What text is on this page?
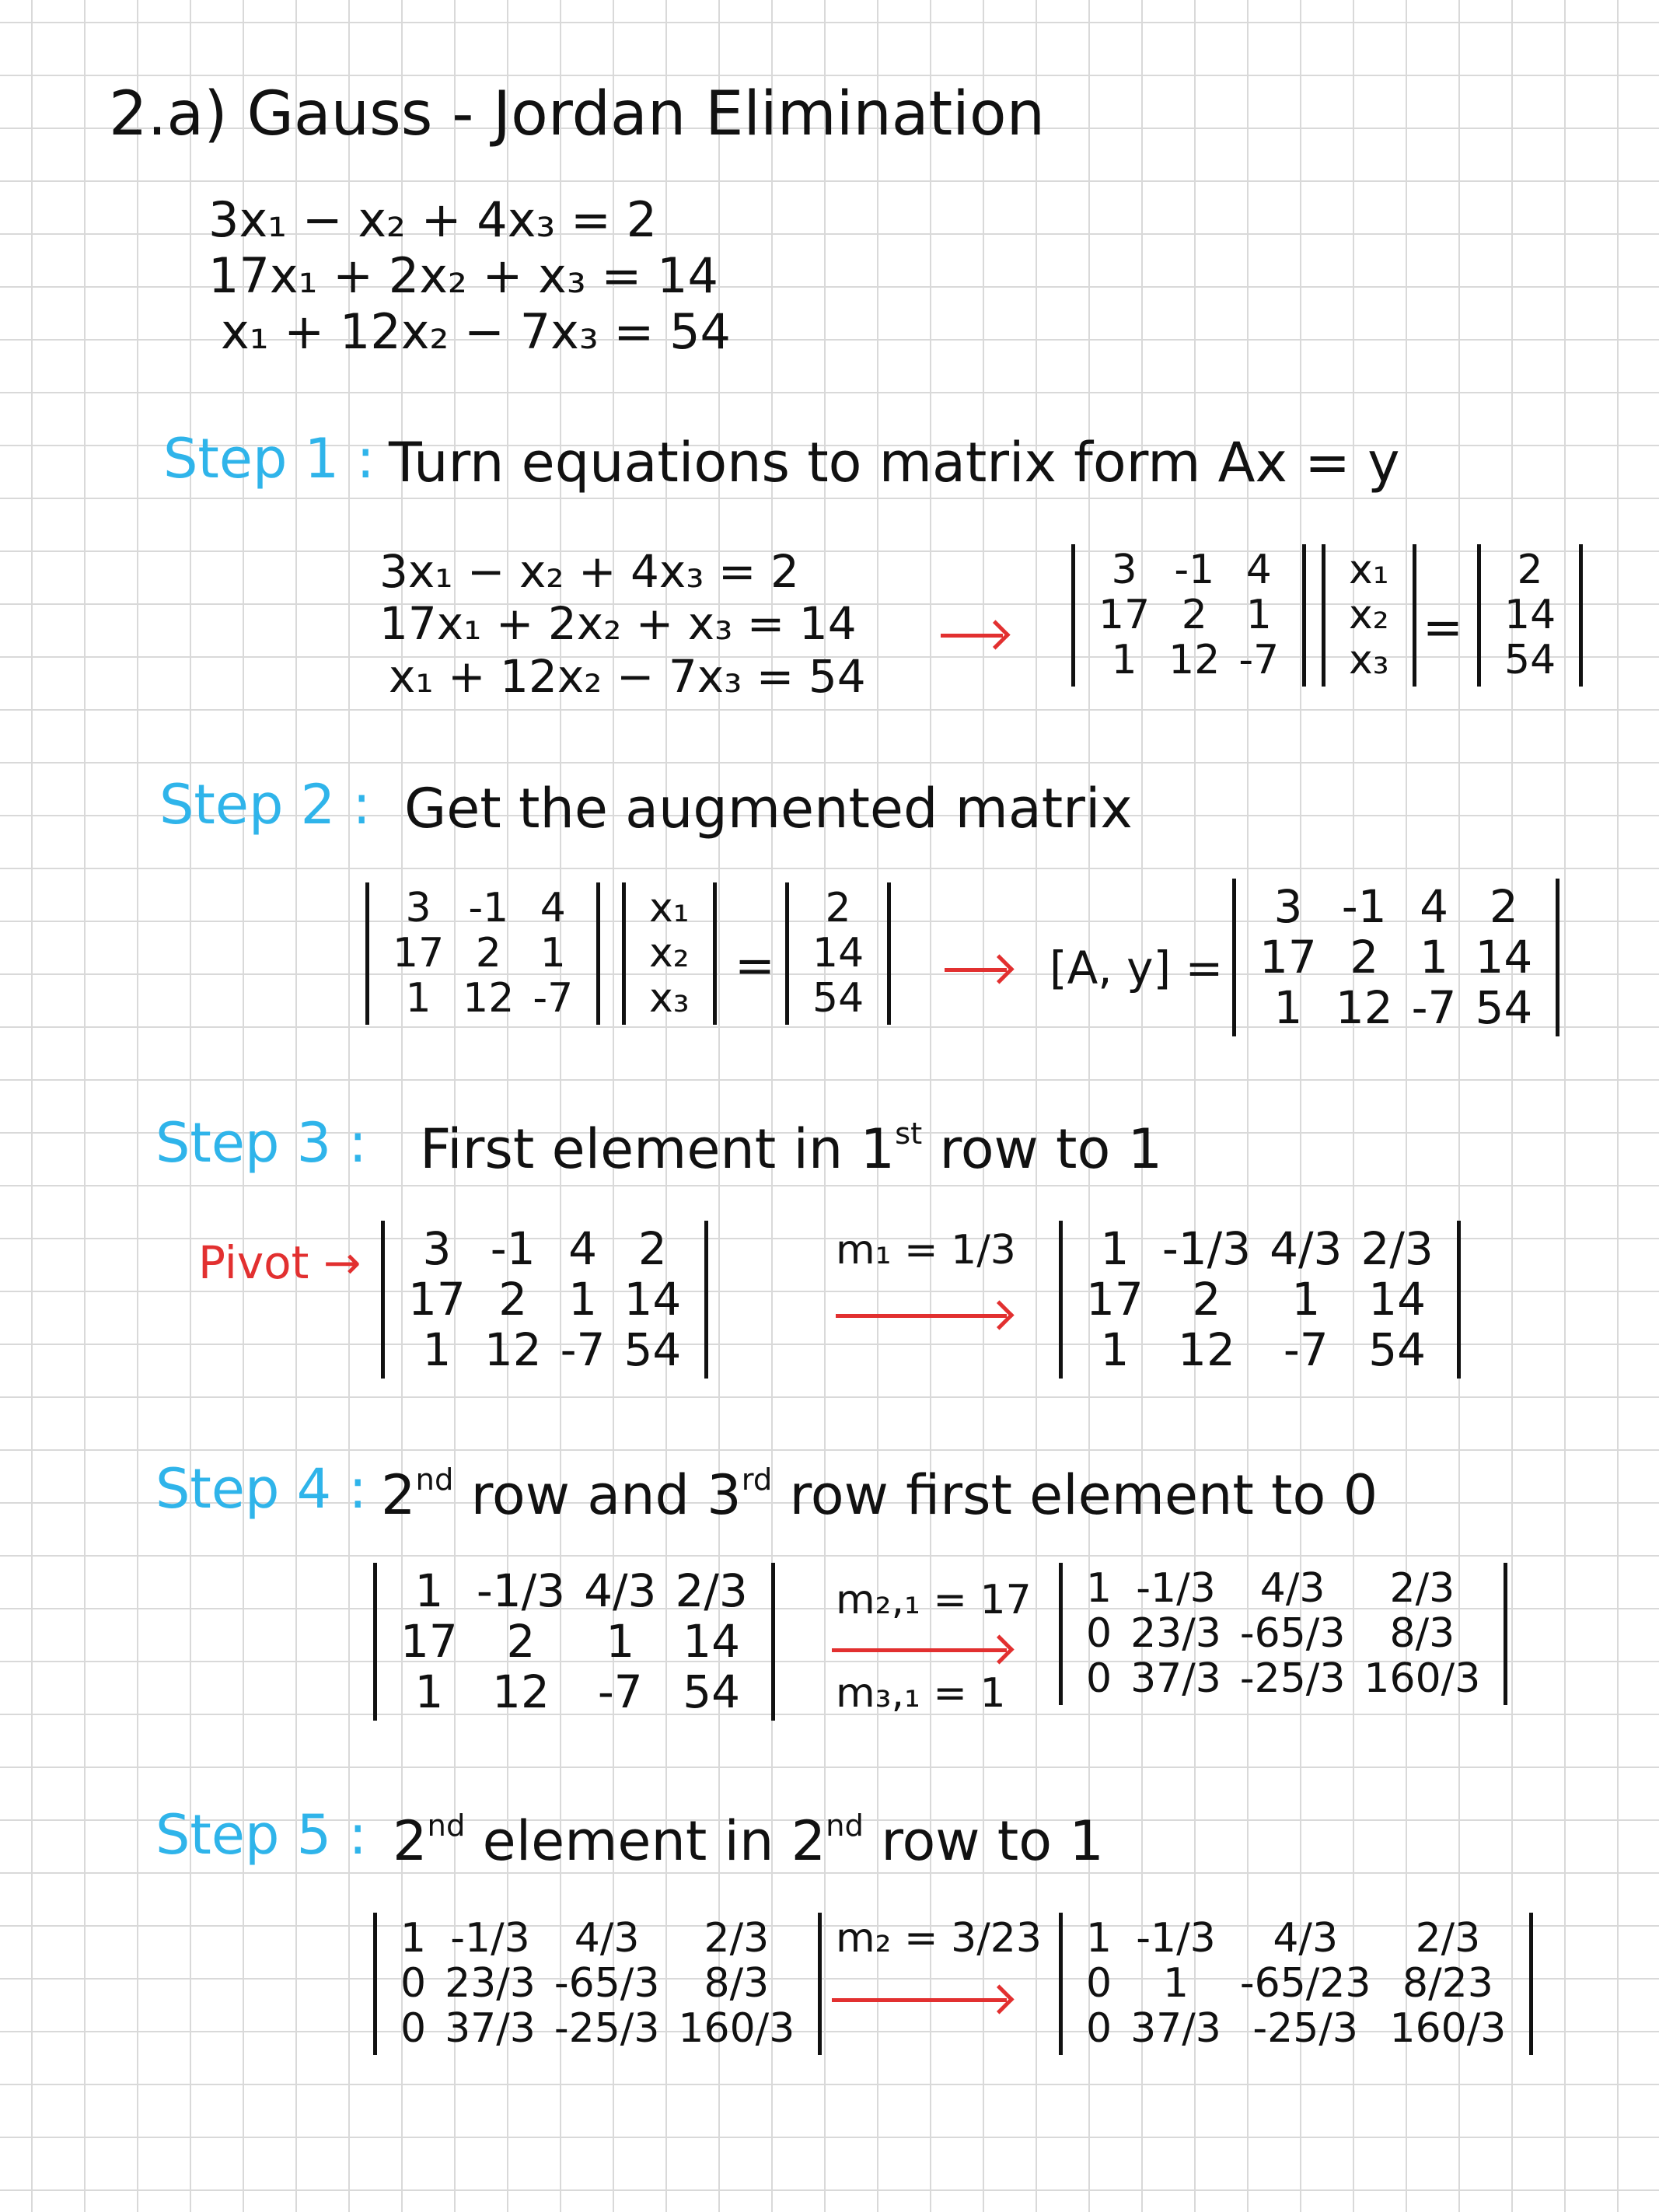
2.a) Gauss - Jordan Elimination
3x₁ − x₂ + 4x₃ = 2
17x₁ + 2x₂ + x₃ = 14
x₁ + 12x₂ − 7x₃ = 54
Step 1 : Turn equations to matrix form Ax = y
3x₁ − x₂ + 4x₃ = 2
17x₁ + 2x₂ + x₃ = 14
x₁ + 12x₂ − 7x₃ = 54
3	-1	4
17	2	1
1	12	-7
x₁
x₂
x₃
=
2
14
54
Step 2 : Get the augmented matrix
3	-1	4
17	2	1
1	12	-7
x₁
x₂
x₃
=
2
14
54
[A, y] =
3	-1	4	2
17	2	1	14
1	12	-7	54
Step 3 : First element in 1st row to 1
Pivot → 3	-1	4	2
17	2	1	14
1	12	-7	54
m₁ = 1/3 1	-1/3	4/3	2/3
17	2	1	14
1	12	-7	54
Step 4 : 2nd row and 3rd row first element to 0
1	-1/3	4/3	2/3
17	2	1	14
1	12	-7	54
m₂,₁ = 17
m₃,₁ = 1
1	-1/3	4/3	2/3
0	23/3	-65/3	8/3
0	37/3	-25/3	160/3
Step 5 : 2nd element in 2nd row to 1
1	-1/3	4/3	2/3
0	23/3	-65/3	8/3
0	37/3	-25/3	160/3
m₂ = 3/23 1	-1/3	4/3	2/3
0	1	-65/23	8/23
0	37/3	-25/3	160/3
